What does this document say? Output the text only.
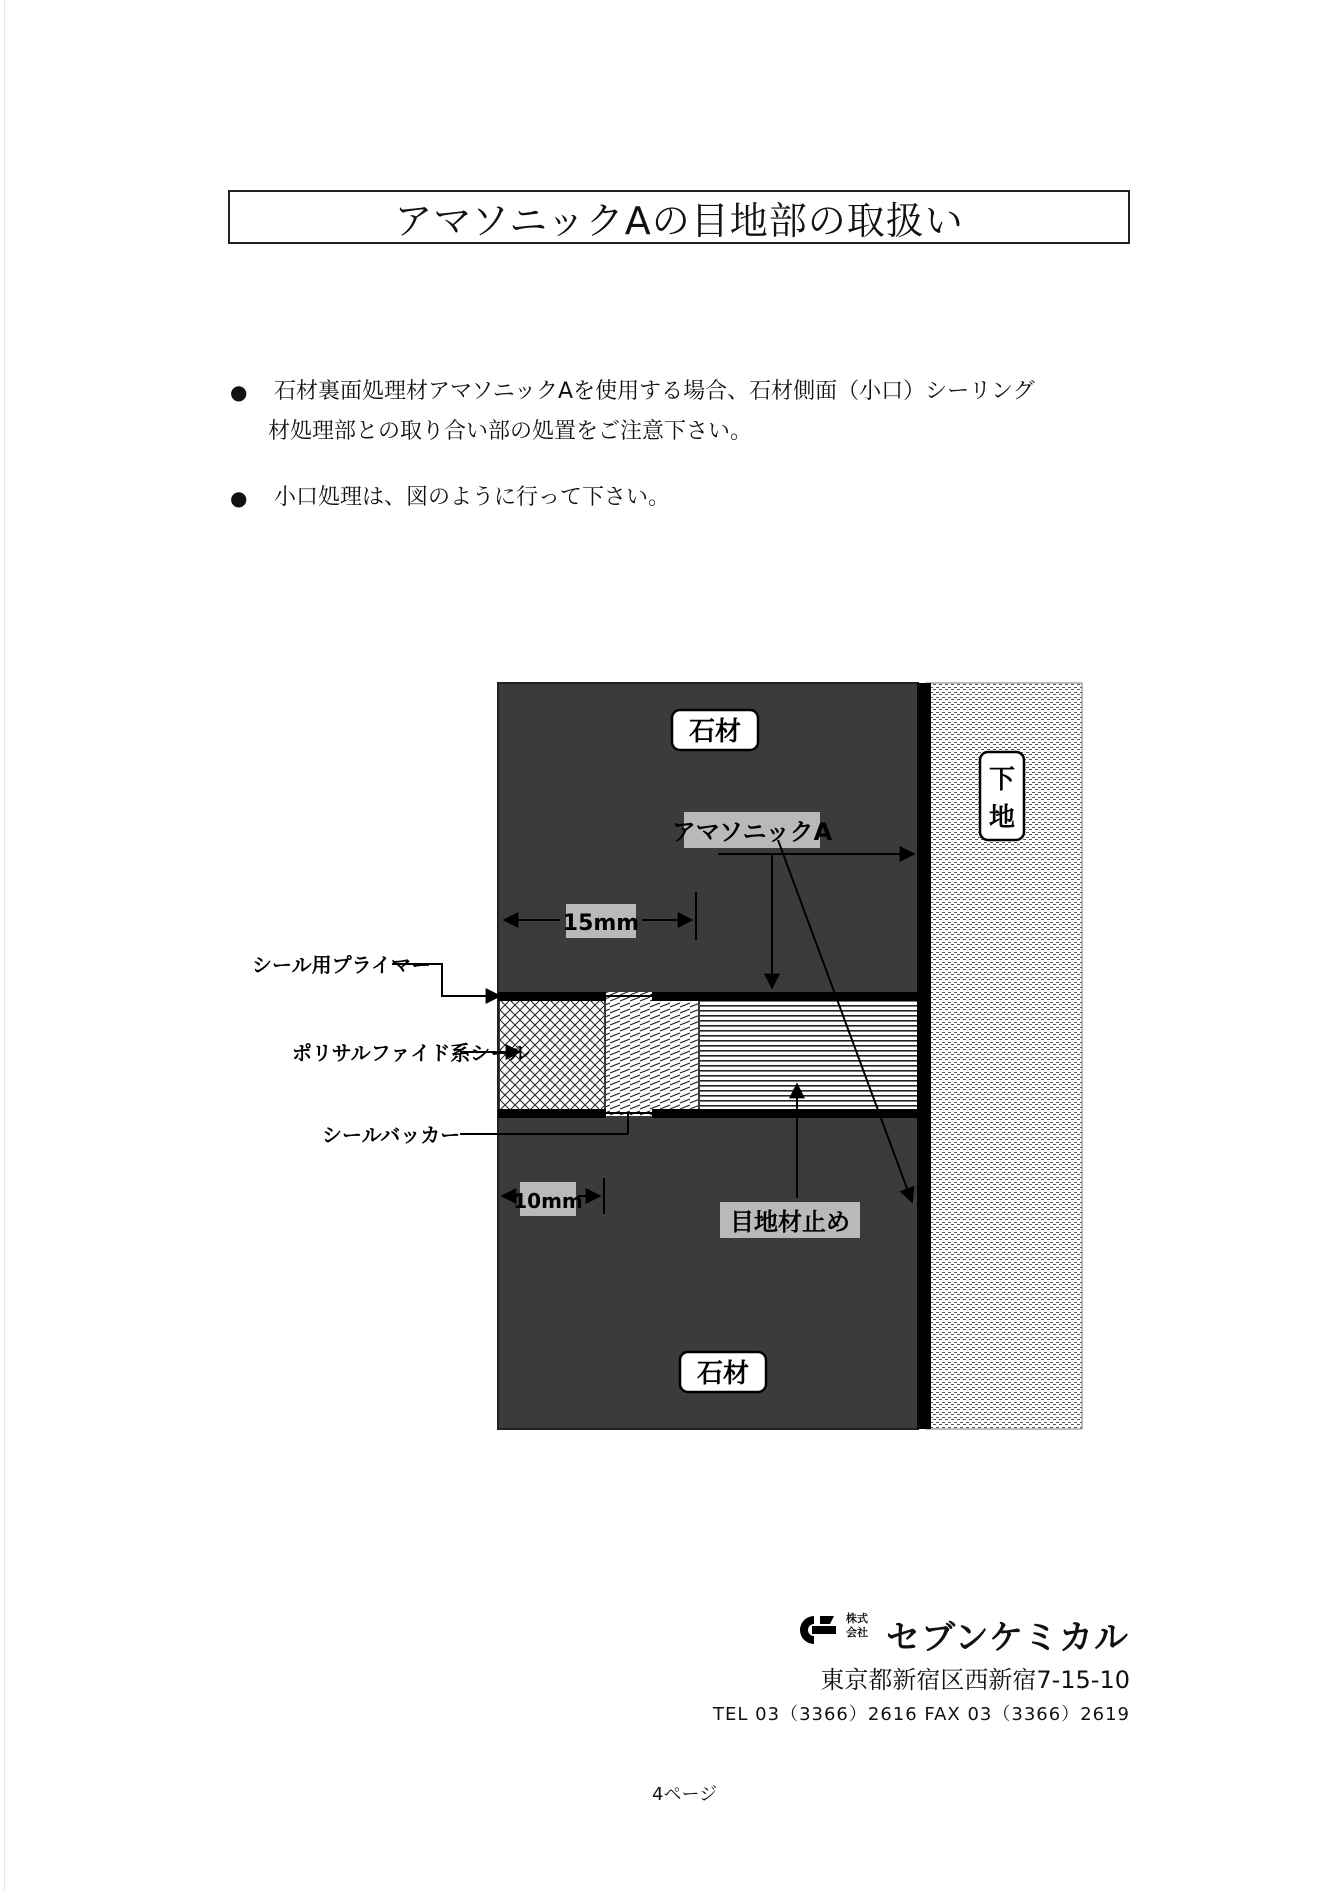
アマソニックAの目地部の取扱い
● 石材裏面処理材アマソニックAを使用する場合、石材側面（小口）シーリング
材処理部との取り合い部の処置をご注意下さい。
● 小口処理は、図のように行って下さい。
石材
石材
下
地
アマソニックA
15mm
10mm
目地材止め
シール用プライマー
ポリサルファイド系シール
シールバッカー
株式
会社 セブンケミカル
東京都新宿区西新宿7-15-10
TEL 03（3366）2616 FAX 03（3366）2619
4ページ
